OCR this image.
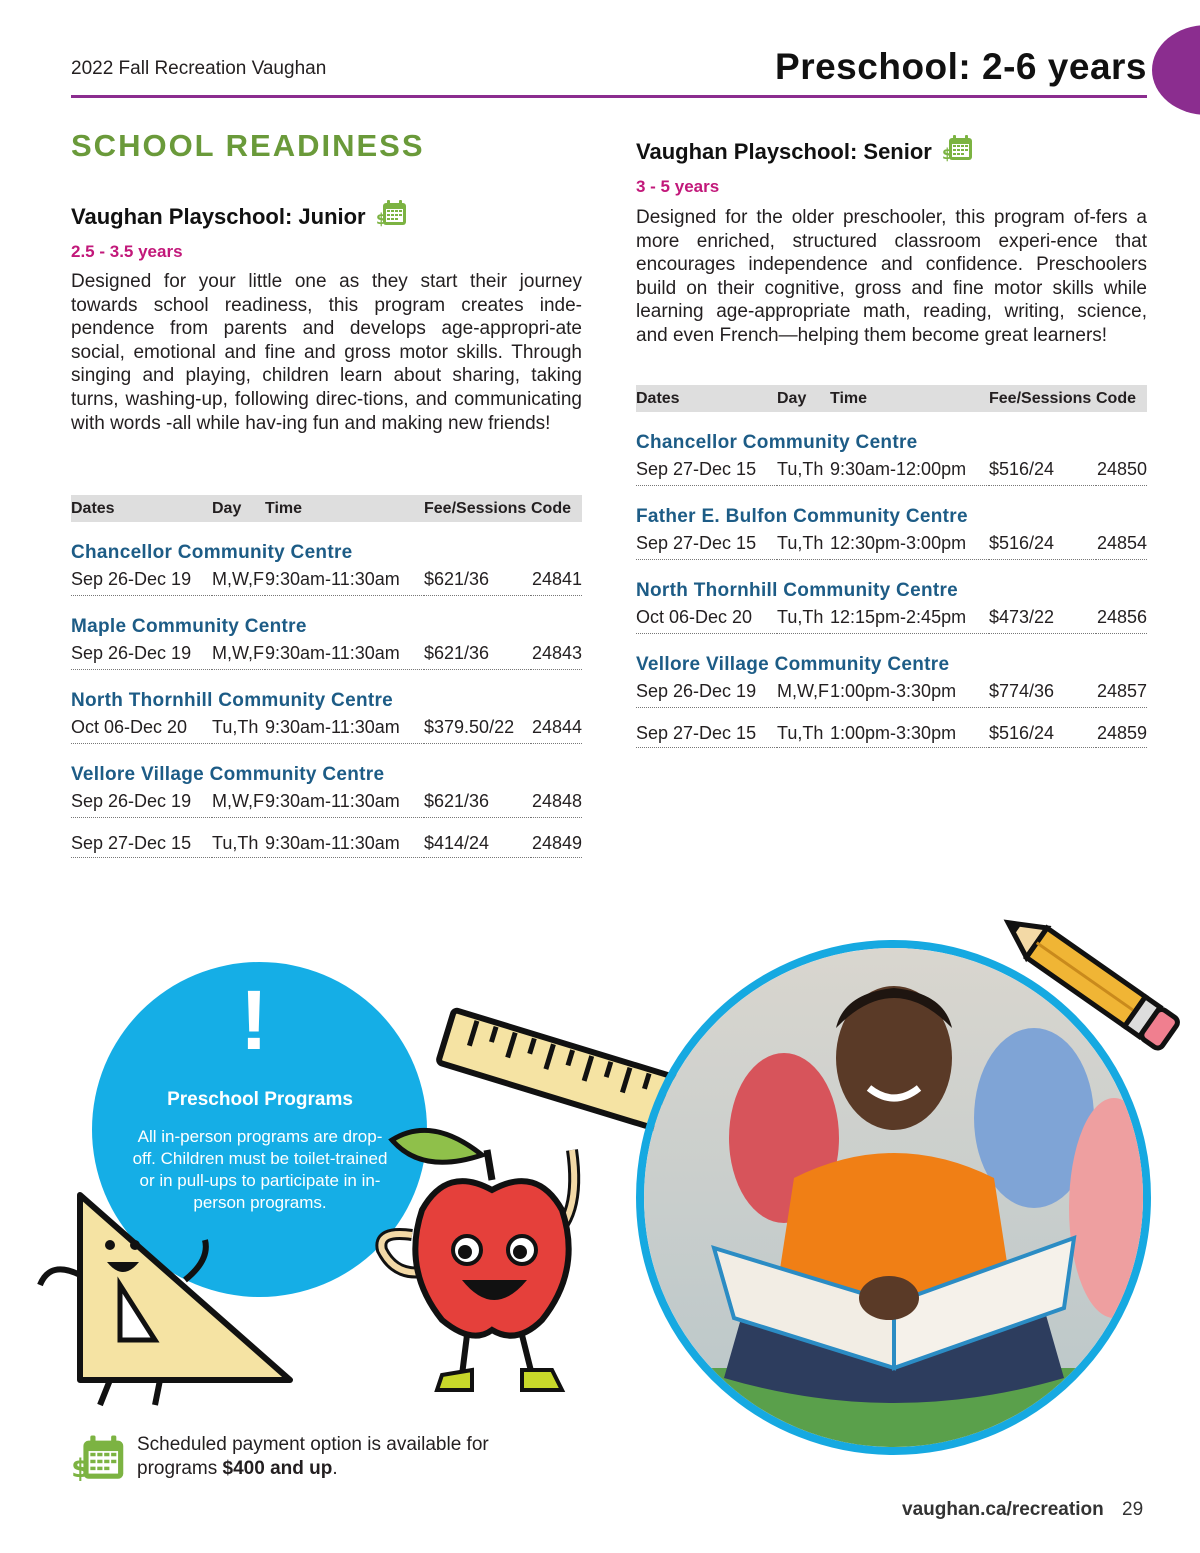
2022 Fall Recreation Vaughan	Preschool: 2-6 years
SCHOOL READINESS
Vaughan Playschool: Junior $
2.5 - 3.5 years
Designed for your little one as they start their journey towards school readiness, this program creates inde-pendence from parents and develops age-appropri-ate social, emotional and fine and gross motor skills. Through singing and playing, children learn about sharing, taking turns, washing-up, following direc-tions, and communicating with words -all while hav-ing fun and making new friends!
Dates	Day	Time	Fee/Sessions	Code
Chancellor Community Centre				
Sep 26-Dec 19	M,W,F	9:30am-11:30am	$621/36	24841
Maple Community Centre				
Sep 26-Dec 19	M,W,F	9:30am-11:30am	$621/36	24843
North Thornhill Community Centre				
Oct 06-Dec 20	Tu,Th	9:30am-11:30am	$379.50/22	24844
Vellore Village Community Centre				
Sep 26-Dec 19	M,W,F	9:30am-11:30am	$621/36	24848
Sep 27-Dec 15	Tu,Th	9:30am-11:30am	$414/24	24849
Vaughan Playschool: Senior $
3 - 5 years
Designed for the older preschooler, this program of-fers a more enriched, structured classroom experi-ence that encourages independence and confidence. Preschoolers build on their cognitive, gross and fine motor skills while learning age-appropriate math, reading, writing, science, and even French—helping them become great learners!
Dates	Day	Time	Fee/Sessions	Code
Chancellor Community Centre				
Sep 27-Dec 15	Tu,Th	9:30am-12:00pm	$516/24	24850
Father E. Bulfon Community Centre				
Sep 27-Dec 15	Tu,Th	12:30pm-3:00pm	$516/24	24854
North Thornhill Community Centre				
Oct 06-Dec 20	Tu,Th	12:15pm-2:45pm	$473/22	24856
Vellore Village Community Centre				
Sep 26-Dec 19	M,W,F	1:00pm-3:30pm	$774/36	24857
Sep 27-Dec 15	Tu,Th	1:00pm-3:30pm	$516/24	24859
!
Preschool Programs
All in-person programs are drop-off. Children must be toilet-trained or in pull-ups to participate in in-person programs.
$
Scheduled payment option is available for programs $400 and up.
vaughan.ca/recreation 29
